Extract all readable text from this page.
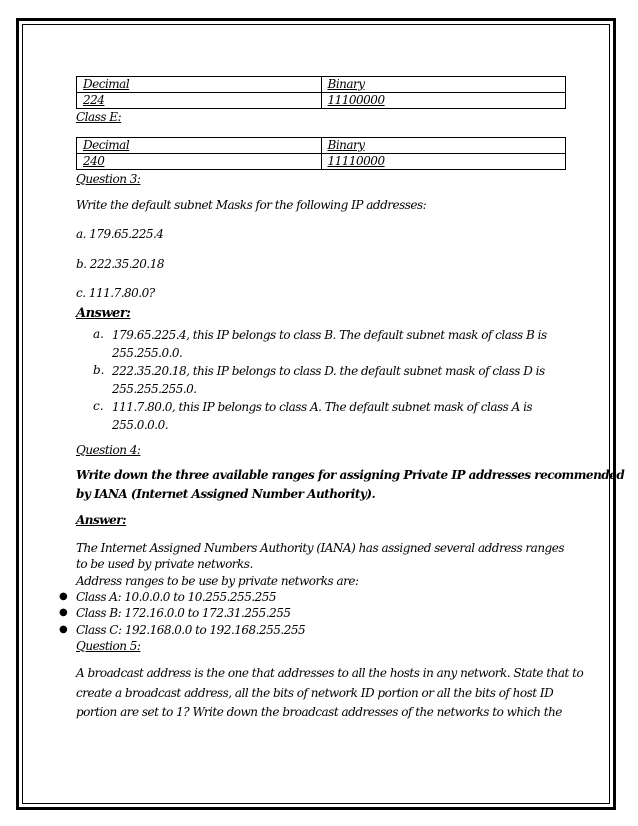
Decimal	Binary
224	11100000
Class E:
Decimal	Binary
240	11110000
Question 3:
Write the default subnet Masks for the following IP addresses:
a. 179.65.225.4
b. 222.35.20.18
c. 111.7.80.0?
Answer:
a. 179.65.225.4, this IP belongs to class B. The default subnet mask of class B is
255.255.0.0.
b. 222.35.20.18, this IP belongs to class D. the default subnet mask of class D is
255.255.255.0.
c. 111.7.80.0, this IP belongs to class A. The default subnet mask of class A is
255.0.0.0.
Question 4:
Write down the three available ranges for assigning Private IP addresses recommended
by IANA (Internet Assigned Number Authority).
Answer:
The Internet Assigned Numbers Authority (IANA) has assigned several address ranges
to be used by private networks.
Address ranges to be use by private networks are:
● Class A: 10.0.0.0 to 10.255.255.255
● Class B: 172.16.0.0 to 172.31.255.255
● Class C: 192.168.0.0 to 192.168.255.255
Question 5:
A broadcast address is the one that addresses to all the hosts in any network. State that to
create a broadcast address, all the bits of network ID portion or all the bits of host ID
portion are set to 1? Write down the broadcast addresses of the networks to which the
